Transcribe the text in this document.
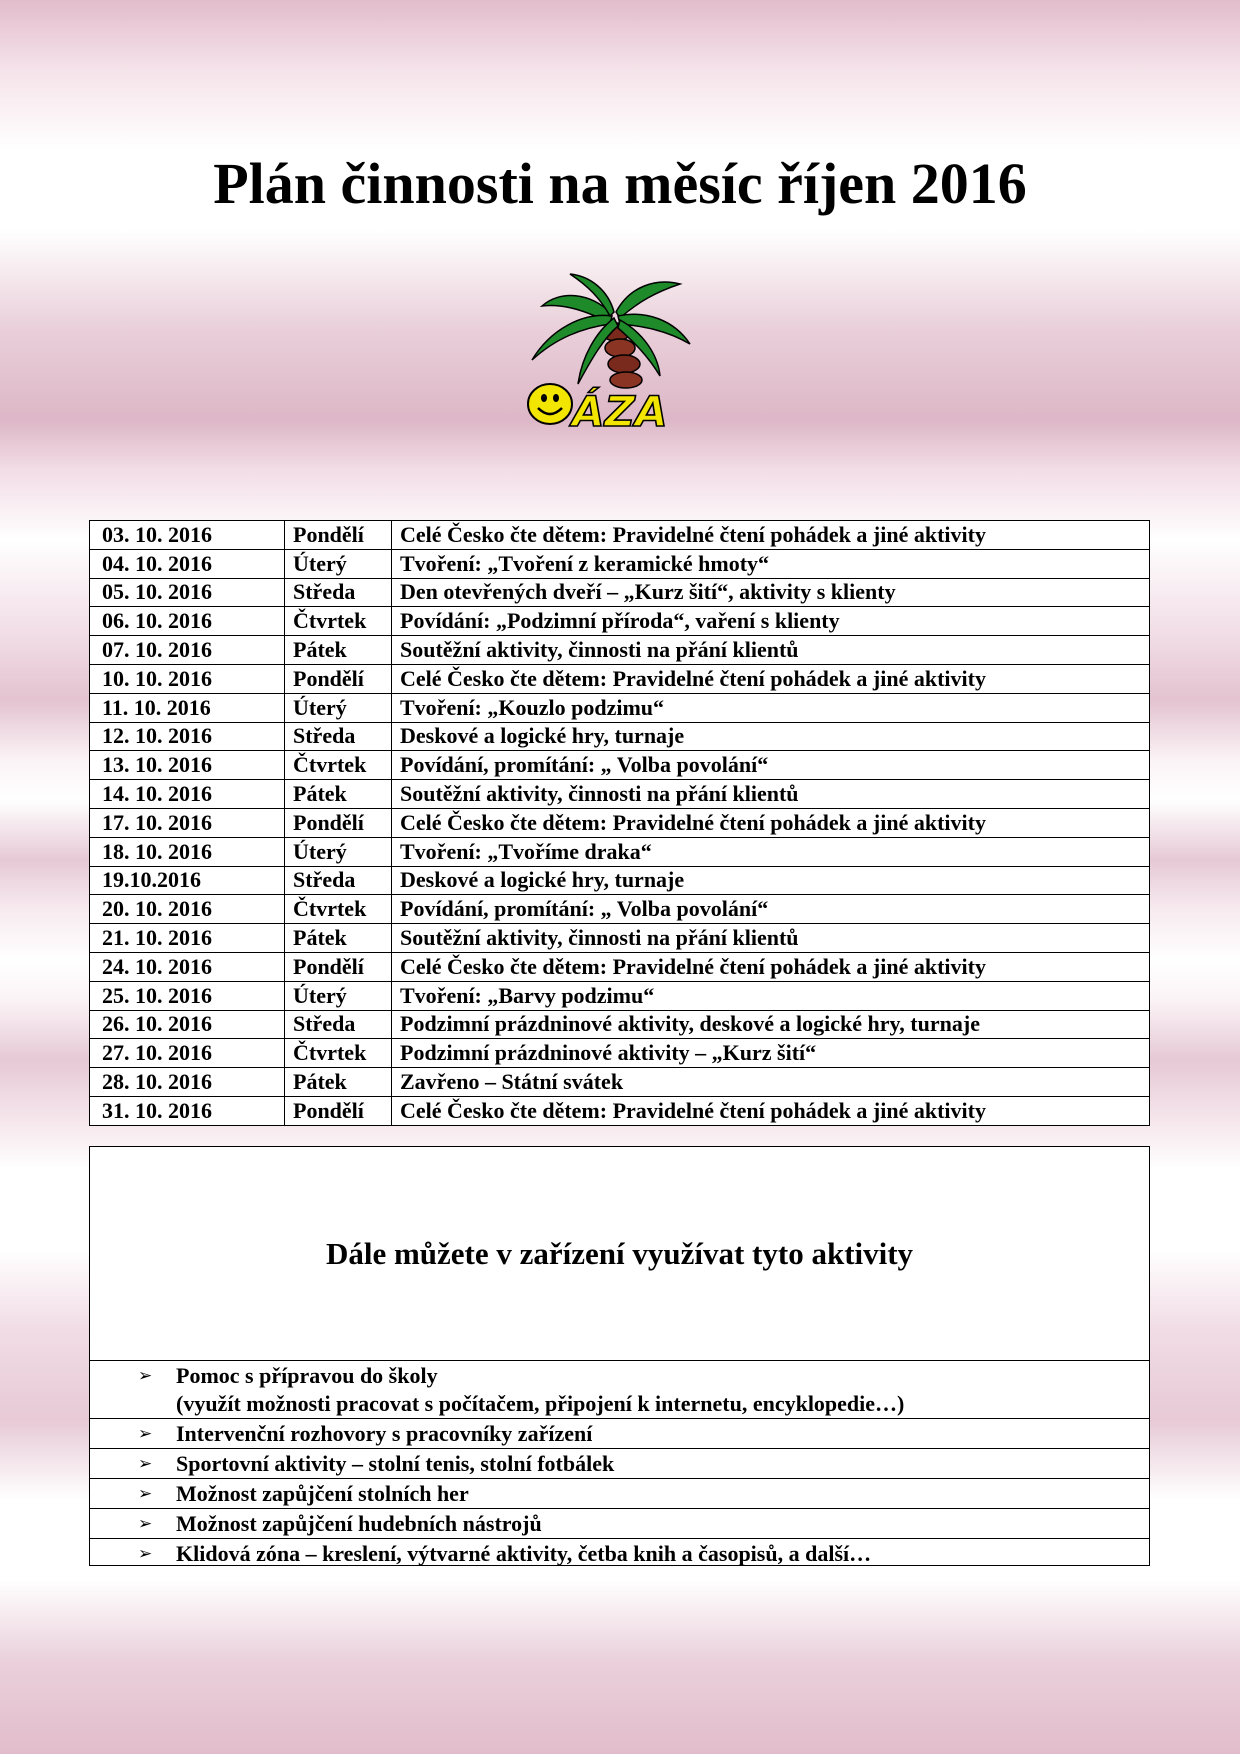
Plán činnosti na měsíc říjen 2016
ÁZA
03. 10. 2016	Pondělí	Celé Česko čte dětem: Pravidelné čtení pohádek a jiné aktivity
04. 10. 2016	Úterý	Tvoření: „Tvoření z keramické hmoty“
05. 10. 2016	Středa	Den otevřených dveří – „Kurz šití“, aktivity s klienty
06. 10. 2016	Čtvrtek	Povídání: „Podzimní příroda“, vaření s klienty
07. 10. 2016	Pátek	Soutěžní aktivity, činnosti na přání klientů
10. 10. 2016	Pondělí	Celé Česko čte dětem: Pravidelné čtení pohádek a jiné aktivity
11. 10. 2016	Úterý	Tvoření: „Kouzlo podzimu“
12. 10. 2016	Středa	Deskové a logické hry, turnaje
13. 10. 2016	Čtvrtek	Povídání, promítání: „ Volba povolání“
14. 10. 2016	Pátek	Soutěžní aktivity, činnosti na přání klientů
17. 10. 2016	Pondělí	Celé Česko čte dětem: Pravidelné čtení pohádek a jiné aktivity
18. 10. 2016	Úterý	Tvoření: „Tvoříme draka“
19.10.2016	Středa	Deskové a logické hry, turnaje
20. 10. 2016	Čtvrtek	Povídání, promítání: „ Volba povolání“
21. 10. 2016	Pátek	Soutěžní aktivity, činnosti na přání klientů
24. 10. 2016	Pondělí	Celé Česko čte dětem: Pravidelné čtení pohádek a jiné aktivity
25. 10. 2016	Úterý	Tvoření: „Barvy podzimu“
26. 10. 2016	Středa	Podzimní prázdninové aktivity, deskové a logické hry, turnaje
27. 10. 2016	Čtvrtek	Podzimní prázdninové aktivity – „Kurz šití“
28. 10. 2016	Pátek	Zavřeno – Státní svátek
31. 10. 2016	Pondělí	Celé Česko čte dětem: Pravidelné čtení pohádek a jiné aktivity
Dále můžete v zařízení využívat tyto aktivity
➢	Pomoc s přípravou do školy
(využít možnosti pracovat s počítačem, připojení k internetu, encyklopedie…)
➢	Intervenční rozhovory s pracovníky zařízení
➢	Sportovní aktivity – stolní tenis, stolní fotbálek
➢	Možnost zapůjčení stolních her
➢	Možnost zapůjčení hudebních nástrojů
➢	Klidová zóna – kreslení, výtvarné aktivity, četba knih a časopisů, a další…
